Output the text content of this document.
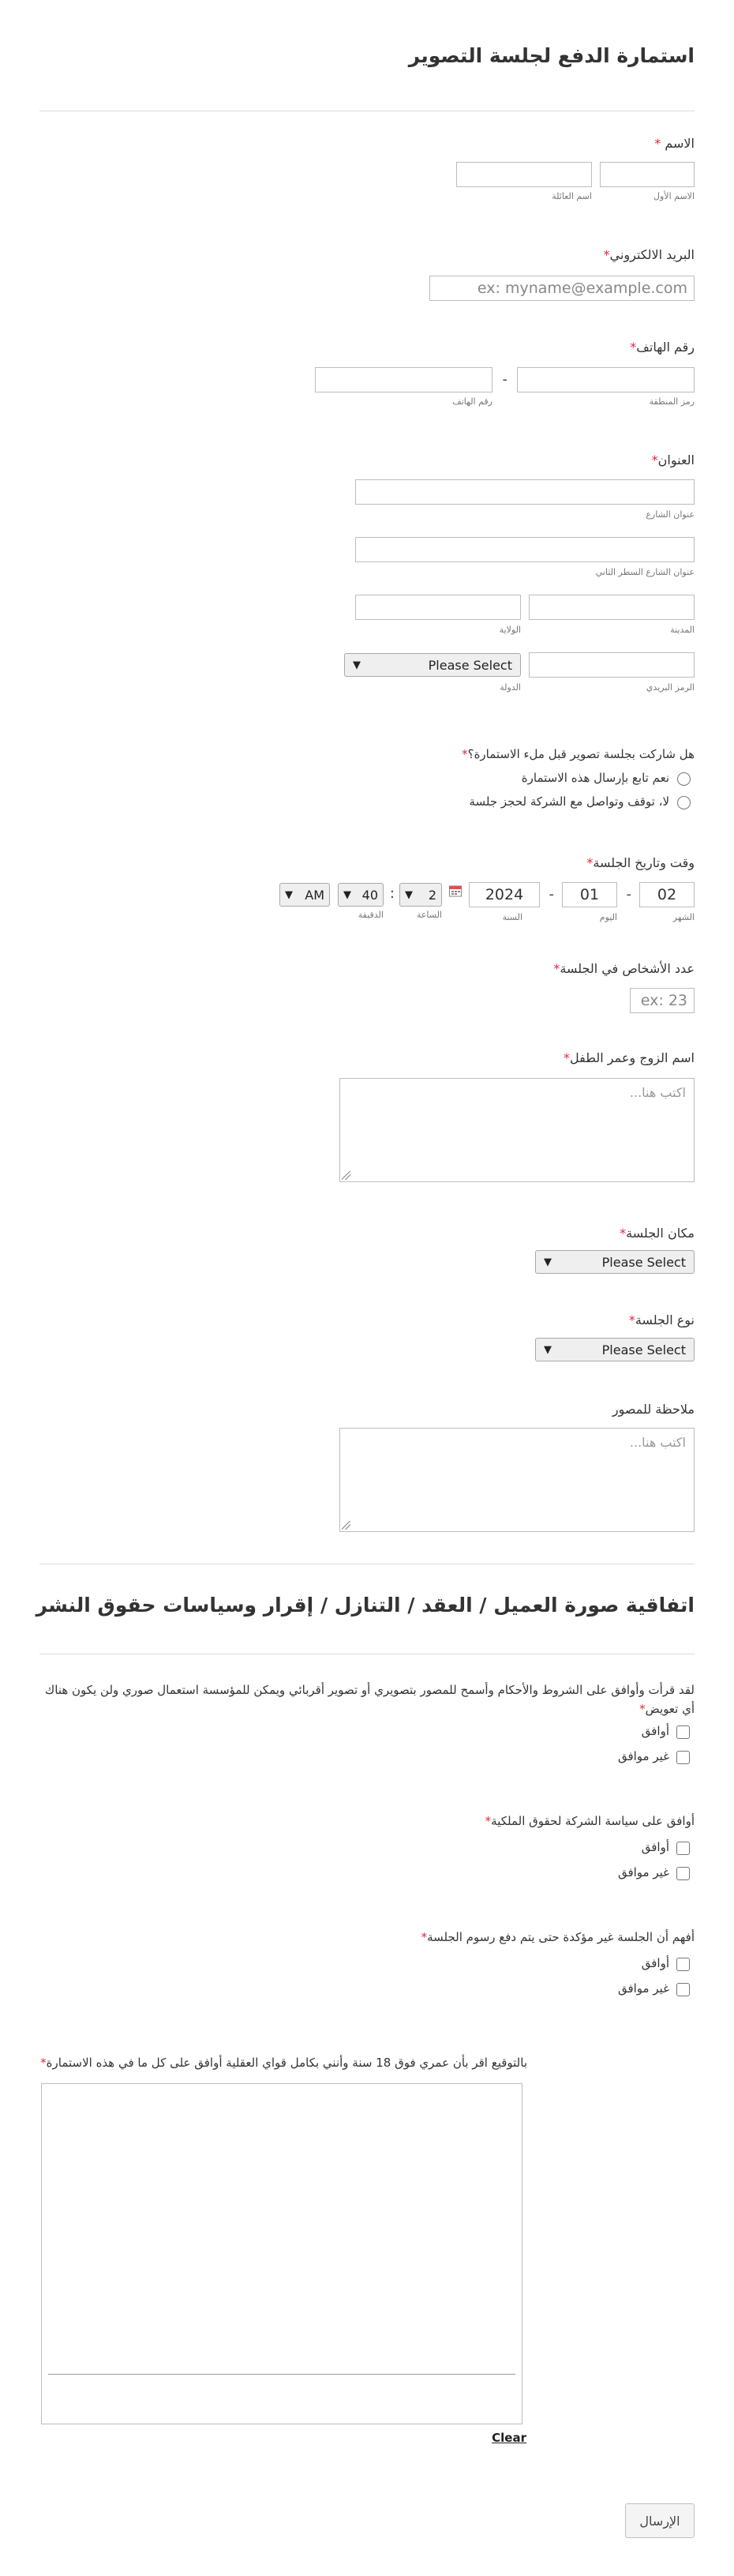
استمارة الدفع لجلسة التصوير
الاسم *
الاسم الأول
اسم العائلة
البريد الالكتروني*
ex: myname@example.com
رقم الهاتف*
-
رمز المنطقة
رقم الهاتف
العنوان*
عنوان الشارع
عنوان الشارع السطر الثاني
المدينة
الولاية
▼	Please Select
الرمز البريدي
الدولة
هل شاركت بجلسة تصوير قبل ملء الاستمارة؟*
نعم تابع بإرسال هذه الاستمارة
لا، توقف وتواصل مع الشركة لحجز جلسة
وقت وتاريخ الجلسة*
02
-
01
-
2024
▼	2
:
▼ 40
▼ AM
الشهر
اليوم
السنة
الساعة
الدقيقة
عدد الأشخاص في الجلسة*
ex: 23
اسم الزوج وعمر الطفل*
اكتب هنا...
مكان الجلسة*
▼	Please Select
نوع الجلسة*
▼	Please Select
ملاحظة للمصور
اكتب هنا...
اتفاقية صورة العميل / العقد / التنازل / إقرار وسياسات حقوق النشر
لقد قرأت وأوافق على الشروط والأحكام وأسمح للمصور بتصويري أو تصوير أقربائي ويمكن للمؤسسة استعمال صوري ولن يكون هناك أي تعويض*
أوافق
غير موافق
أوافق على سياسة الشركة لحقوق الملكية*
أوافق
غير موافق
أفهم أن الجلسة غير مؤكدة حتى يتم دفع رسوم الجلسة*
أوافق
غير موافق
بالتوقيع اقر بأن عمري فوق 18 سنة وأنني بكامل قواي العقلية أوافق على كل ما في هذه الاستمارة*
Clear
الإرسال
